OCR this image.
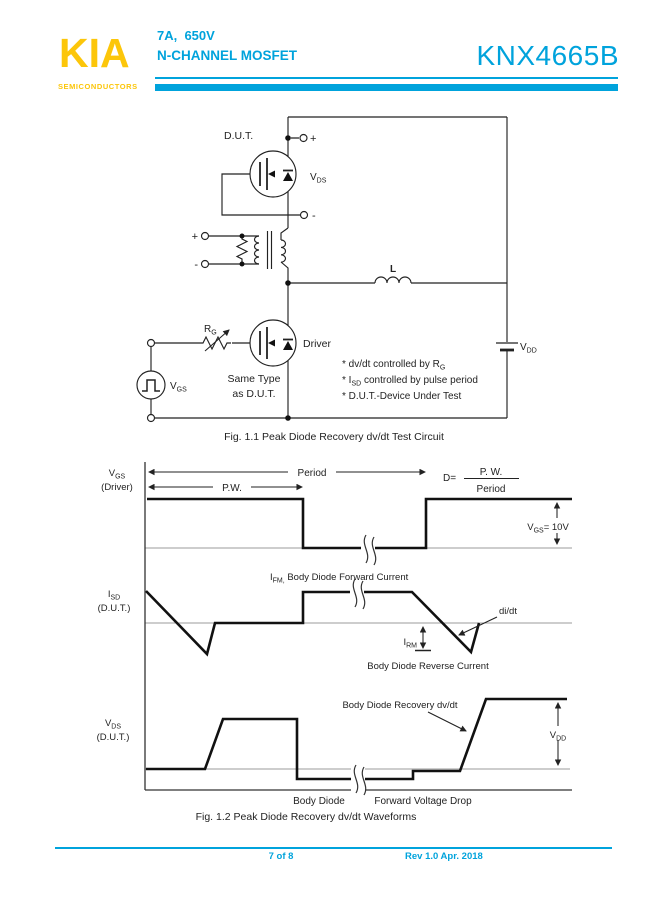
KIA
SEMICONDUCTORS
7A,  650V
N-CHANNEL MOSFET	KNX4665B
D.U.T.	+
-
$V_{DS}$
+
-	L
$R_G$
$V_{GS}$
Driver
Same Type
as D.U.T.
$V_{DD}$
* dv/dt controlled by $R_G$
* $I_{SD}$ controlled by pulse period
* D.U.T.-Device Under Test
Fig. 1.1 Peak Diode Recovery dv/dt Test Circuit
Period
P.W.
D=
P. W.
Period
$V_{GS}= 10V$
$I_{FM,}$ Body Diode Forward Current
di/dt
$I_{RM}$
Body Diode Reverse Current
Body Diode Recovery dv/dt
$V_{DD}$
$V_{GS}$
(Driver)
$I_{SD}$
(D.U.T.)
$V_{DS}$
(D.U.T.)
Body Diode	Forward Voltage Drop
Fig. 1.2 Peak Diode Recovery dv/dt Waveforms
7 of 8	Rev 1.0 Apr. 2018
